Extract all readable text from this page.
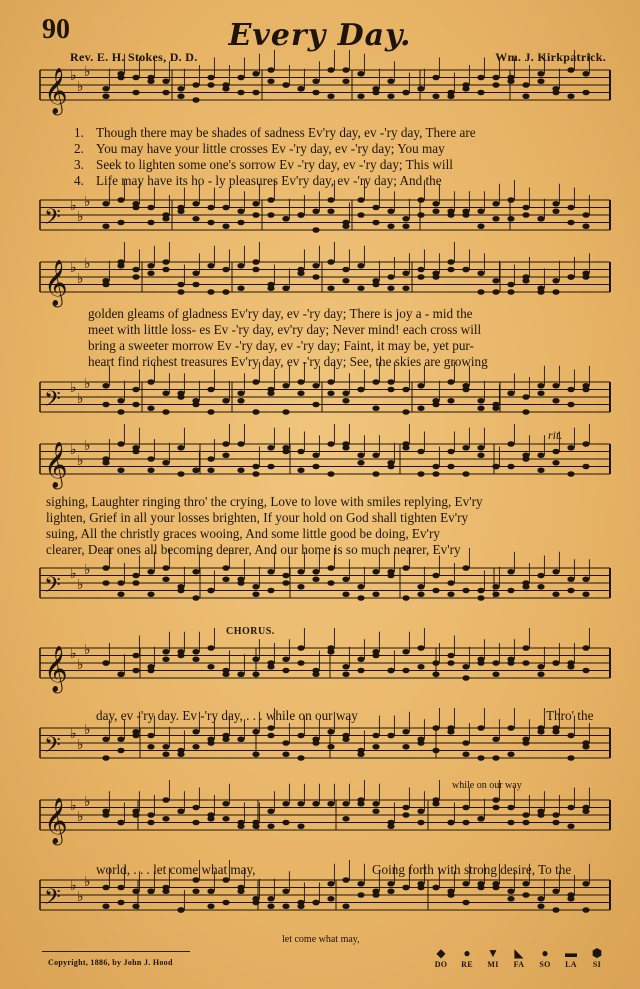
𝄞 ♭
♭
♭
𝄢 ♭
♭
♭
𝄞 ♭
♭
♭
𝄢 ♭
♭
♭
𝄞 ♭
♭
♭
𝄢 ♭
♭
♭
𝄞 ♭
♭
♭
𝄢 ♭
♭
♭
𝄞 ♭
♭
♭
𝄢 ♭
♭
♭
90	Every Day.
Rev. E. H. Stokes, D. D.	Wm. J. Kirkpatrick.
1. Though there may be shades of sadness Ev'ry day, ev -'ry day, There are
2. You may have your little crosses Ev -'ry day, ev -'ry day; You may
3. Seek to lighten some one's sorrow Ev -'ry day, ev -'ry day; This will
4. Life may have its ho - ly pleasures Ev'ry day, ev -'ry day; And the
golden gleams of gladness Ev'ry day, ev -'ry day; There is joy a - mid the
meet with little loss- es Ev -'ry day, ev'ry day; Never mind! each cross will
bring a sweeter morrow Ev -'ry day, ev -'ry day; Faint, it may be, yet pur-
heart find richest treasures Ev'ry day, ev -'ry day; See, the skies are growing
rit.
sighing, Laughter ringing thro' the crying, Love to love with smiles replying, Ev'ry
lighten, Grief in all your losses brighten, If your hold on God shall tighten Ev'ry
suing, All the christly graces wooing, And some little good be doing, Ev'ry
clearer, Dear ones all becoming dearer, And our home is so much nearer, Ev'ry
CHORUS.
day, ev -'ry day. Ev -'ry day, . . . while on our way	Thro' the
while on our way
world, . . . let come what may,	Going forth with strong desire, To the
let come what may,
Copyright, 1886, by John J. Hood
◆
DO
●
RE
▼
MI
◣
FA
●
SO
▬
LA
⬢
SI
